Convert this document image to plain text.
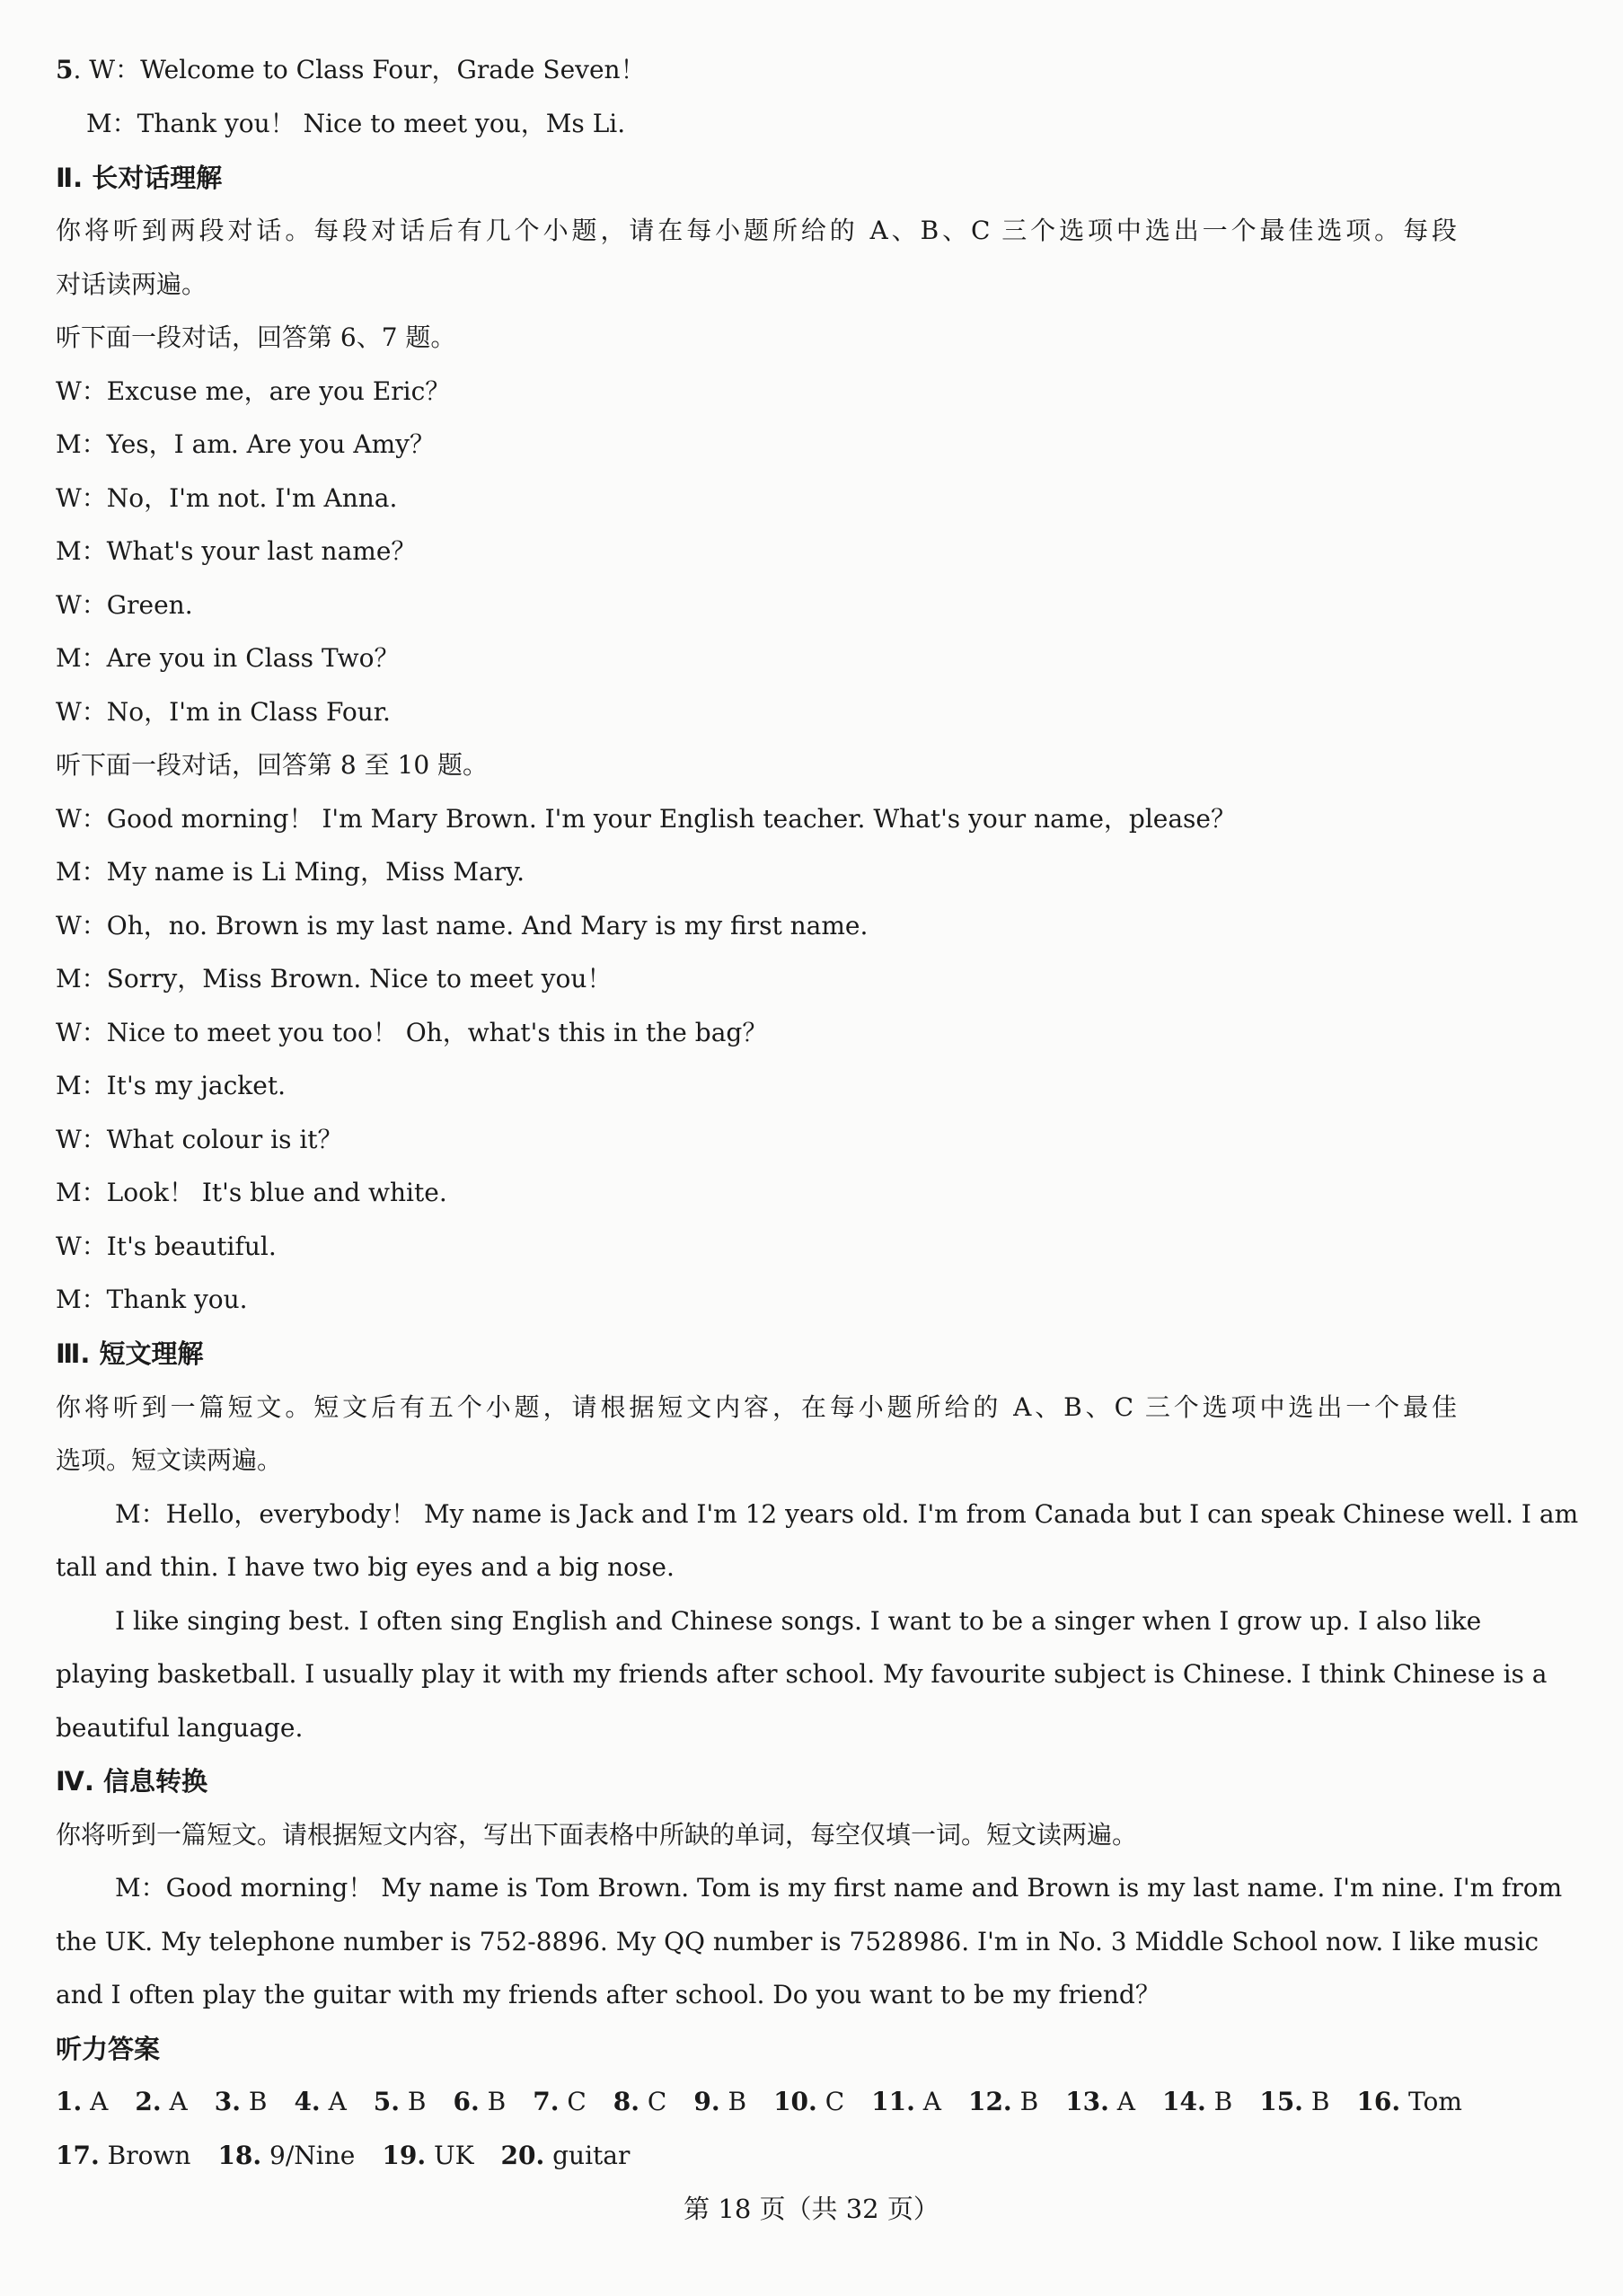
5. W：Welcome to Class Four，Grade Seven！
M：Thank you！ Nice to meet you，Ms Li.
Ⅱ. 长对话理解
你将听到两段对话。每段对话后有几个小题，请在每小题所给的 A、B、C 三个选项中选出一个最佳选项。每段
对话读两遍。
听下面一段对话，回答第 6、7 题。
W：Excuse me，are you Eric？
M：Yes，I am. Are you Amy？
W：No，I'm not. I'm Anna.
M：What's your last name？
W：Green.
M：Are you in Class Two？
W：No，I'm in Class Four.
听下面一段对话，回答第 8 至 10 题。
W：Good morning！ I'm Mary Brown. I'm your English teacher. What's your name，please？
M：My name is Li Ming，Miss Mary.
W：Oh，no. Brown is my last name. And Mary is my first name.
M：Sorry，Miss Brown. Nice to meet you！
W：Nice to meet you too！ Oh，what's this in the bag？
M：It's my jacket.
W：What colour is it？
M：Look！ It's blue and white.
W：It's beautiful.
M：Thank you.
Ⅲ. 短文理解
你将听到一篇短文。短文后有五个小题，请根据短文内容，在每小题所给的 A、B、C 三个选项中选出一个最佳
选项。短文读两遍。
M：Hello，everybody！ My name is Jack and I'm 12 years old. I'm from Canada but I can speak Chinese well. I am
tall and thin. I have two big eyes and a big nose.
I like singing best. I often sing English and Chinese songs. I want to be a singer when I grow up. I also like
playing basketball. I usually play it with my friends after school. My favourite subject is Chinese. I think Chinese is a
beautiful language.
Ⅳ. 信息转换
你将听到一篇短文。请根据短文内容，写出下面表格中所缺的单词，每空仅填一词。短文读两遍。
M：Good morning！ My name is Tom Brown. Tom is my first name and Brown is my last name. I'm nine. I'm from
the UK. My telephone number is 752-8896. My QQ number is 7528986. I'm in No. 3 Middle School now. I like music
and I often play the guitar with my friends after school. Do you want to be my friend？
听力答案
1. A 2. A 3. B 4. A 5. B 6. B 7. C 8. C 9. B 10. C 11. A 12. B 13. A 14. B 15. B 16. Tom
17. Brown 18. 9/Nine 19. UK 20. guitar
第 18 页（共 32 页）
